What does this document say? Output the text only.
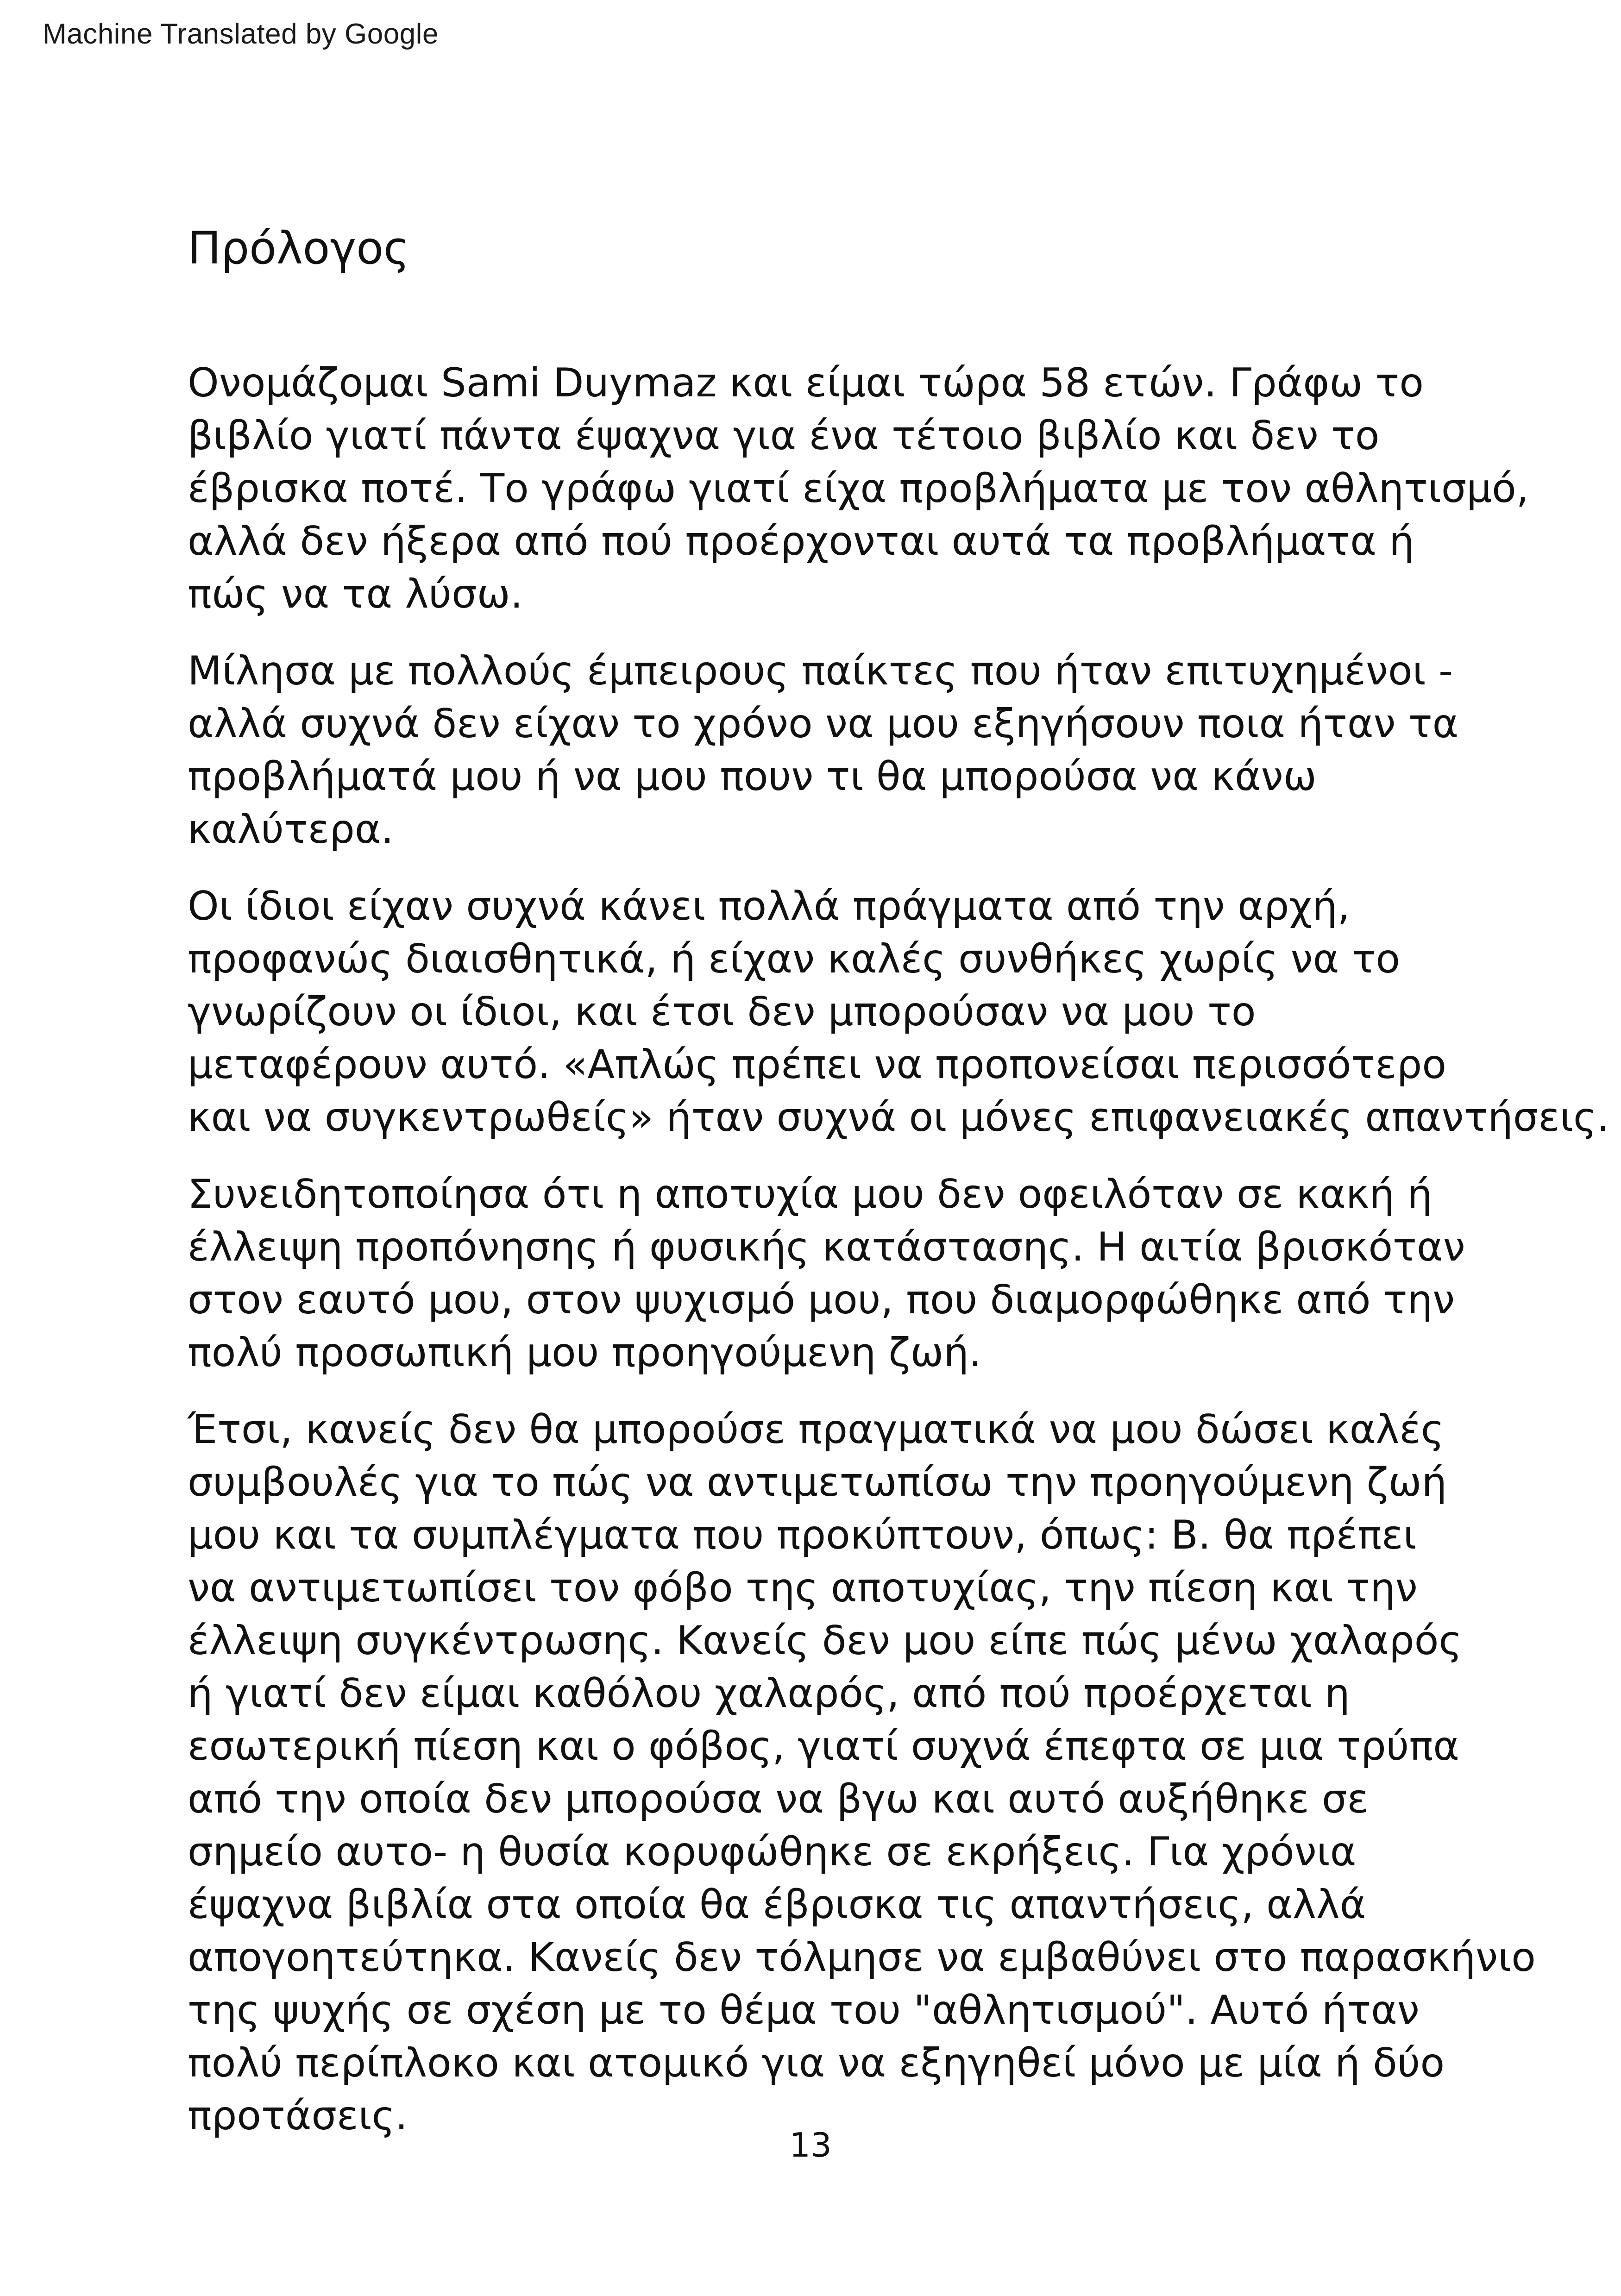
Machine Translated by Google
Πρόλογος

Ονομάζομαι Sami Duymaz και είμαι τώρα 58 ετών. Γράφω το
βιβλίο γιατί πάντα έψαχνα για ένα τέτοιο βιβλίο και δεν το
έβρισκα ποτέ. Το γράφω γιατί είχα προβλήματα με τον αθλητισμό,
αλλά δεν ήξερα από πού προέρχονται αυτά τα προβλήματα ή
πώς να τα λύσω.

Μίλησα με πολλούς έμπειρους παίκτες που ήταν επιτυχημένοι -
αλλά συχνά δεν είχαν το χρόνο να μου εξηγήσουν ποια ήταν τα
προβλήματά μου ή να μου πουν τι θα μπορούσα να κάνω
καλύτερα.

Οι ίδιοι είχαν συχνά κάνει πολλά πράγματα από την αρχή,
προφανώς διαισθητικά, ή είχαν καλές συνθήκες χωρίς να το
γνωρίζουν οι ίδιοι, και έτσι δεν μπορούσαν να μου το
μεταφέρουν αυτό. «Απλώς πρέπει να προπονείσαι περισσότερο
και να συγκεντρωθείς» ήταν συχνά οι μόνες επιφανειακές απαντήσεις.

Συνειδητοποίησα ότι η αποτυχία μου δεν οφειλόταν σε κακή ή
έλλειψη προπόνησης ή φυσικής κατάστασης. Η αιτία βρισκόταν
στον εαυτό μου, στον ψυχισμό μου, που διαμορφώθηκε από την
πολύ προσωπική μου προηγούμενη ζωή.

Έτσι, κανείς δεν θα μπορούσε πραγματικά να μου δώσει καλές
συμβουλές για το πώς να αντιμετωπίσω την προηγούμενη ζωή
μου και τα συμπλέγματα που προκύπτουν, όπως: Β. θα πρέπει
να αντιμετωπίσει τον φόβο της αποτυχίας, την πίεση και την
έλλειψη συγκέντρωσης. Κανείς δεν μου είπε πώς μένω χαλαρός
ή γιατί δεν είμαι καθόλου χαλαρός, από πού προέρχεται η
εσωτερική πίεση και ο φόβος, γιατί συχνά έπεφτα σε μια τρύπα
από την οποία δεν μπορούσα να βγω και αυτό αυξήθηκε σε
σημείο αυτο- η θυσία κορυφώθηκε σε εκρήξεις. Για χρόνια
έψαχνα βιβλία στα οποία θα έβρισκα τις απαντήσεις, αλλά
απογοητεύτηκα. Κανείς δεν τόλμησε να εμβαθύνει στο παρασκήνιο
της ψυχής σε σχέση με το θέμα του "αθλητισμού". Αυτό ήταν
πολύ περίπλοκο και ατομικό για να εξηγηθεί μόνο με μία ή δύο
προτάσεις.

13
